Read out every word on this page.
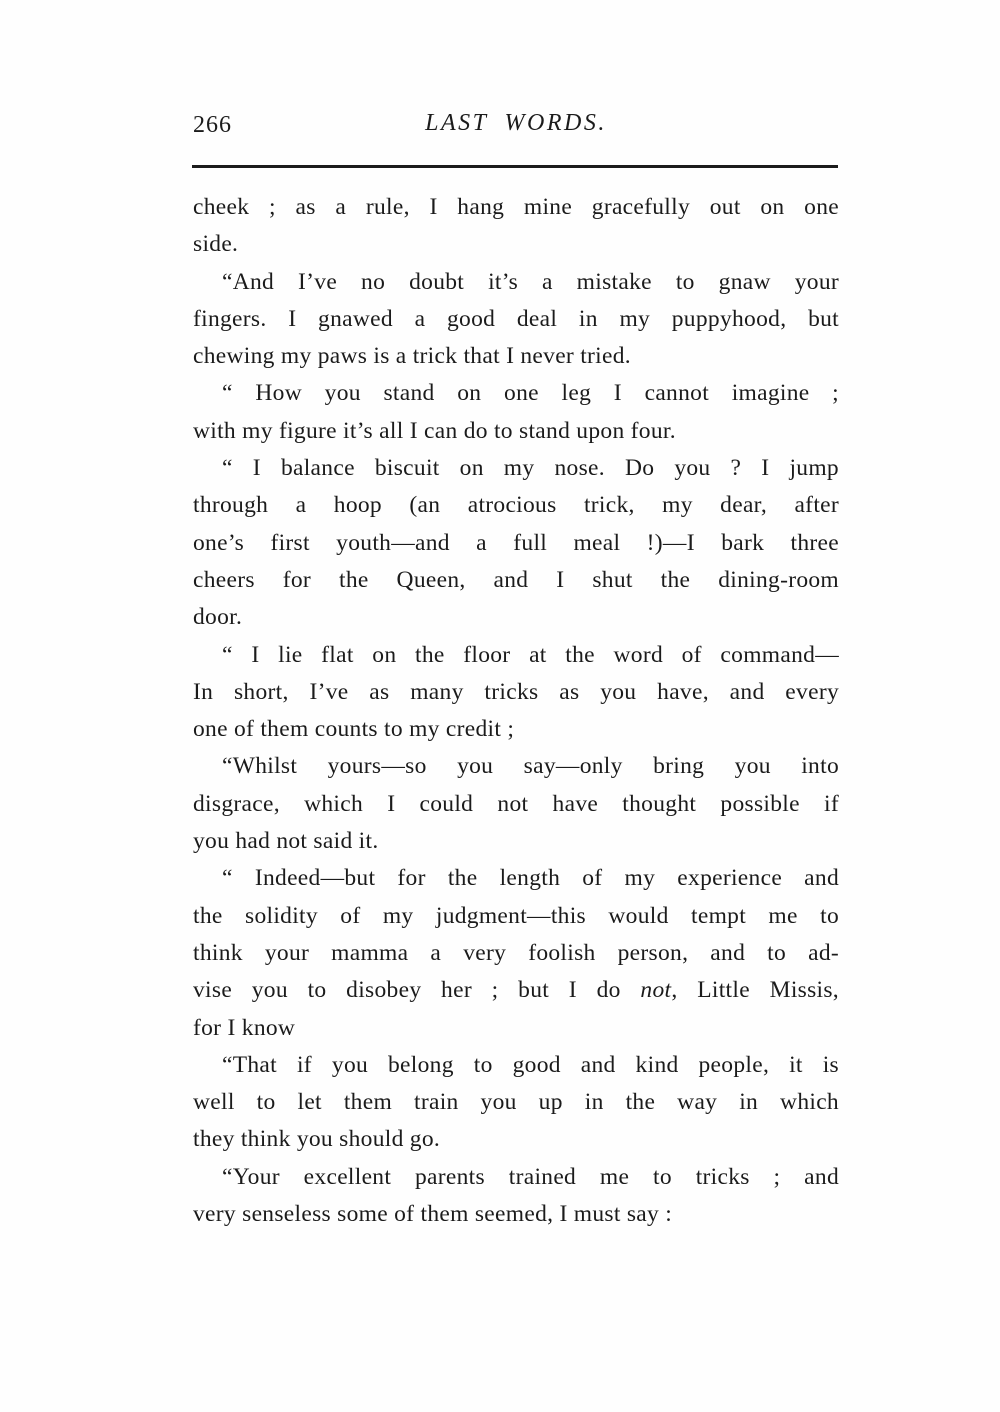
266	LAST WORDS.
cheek ; as a rule, I hang mine gracefully out on one
side.
“And I’ve no doubt it’s a mistake to gnaw your
fingers. I gnawed a good deal in my puppyhood, but
chewing my paws is a trick that I never tried.
“ How you stand on one leg I cannot imagine ;
with my figure it’s all I can do to stand upon four.
“ I balance biscuit on my nose. Do you ? I jump
through a hoop (an atrocious trick, my dear, after
one’s first youth—and a full meal !)—I bark three
cheers for the Queen, and I shut the dining-room
door.
“ I lie flat on the floor at the word of command—
In short, I’ve as many tricks as you have, and every
one of them counts to my credit ;
“Whilst yours—so you say—only bring you into
disgrace, which I could not have thought possible if
you had not said it.
“ Indeed—but for the length of my experience and
the solidity of my judgment—this would tempt me to
think your mamma a very foolish person, and to ad-
vise you to disobey her ; but I do not, Little Missis,
for I know
“That if you belong to good and kind people, it is
well to let them train you up in the way in which
they think you should go.
“Your excellent parents trained me to tricks ; and
very senseless some of them seemed, I must say :
